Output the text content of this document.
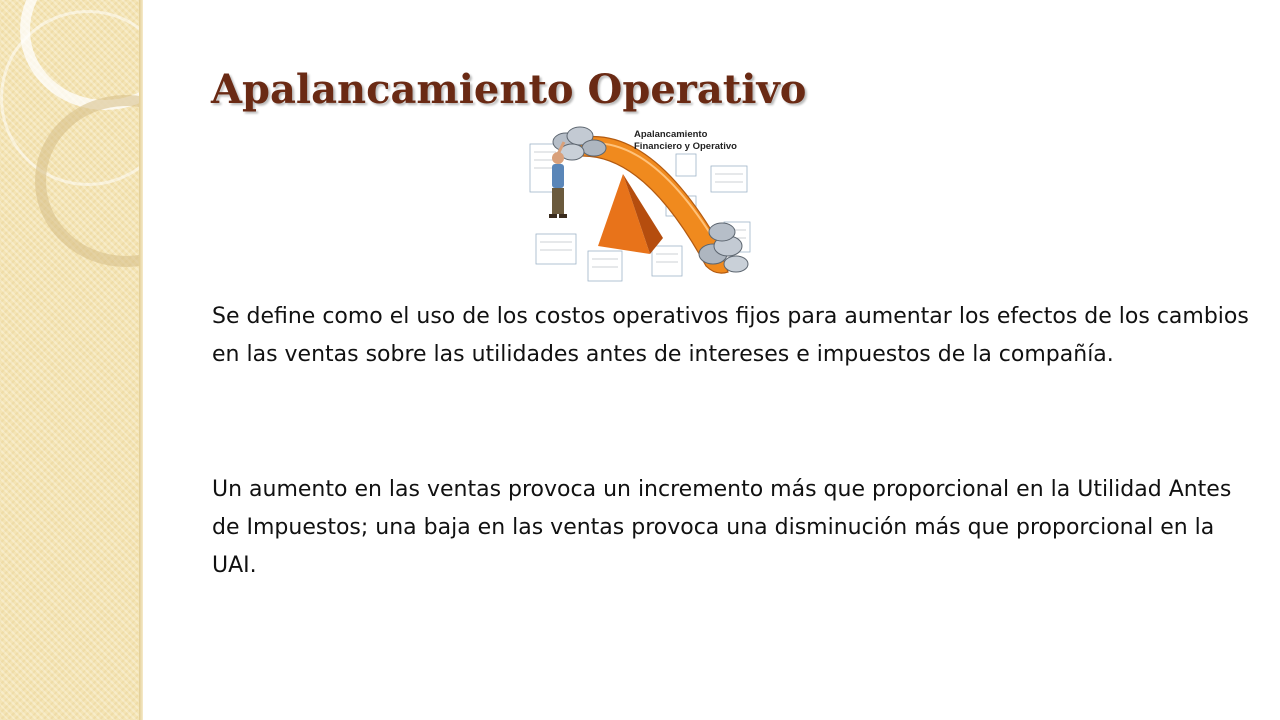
Apalancamiento Operativo
Apalancamiento
Financiero y Operativo

Se define como el uso de los costos operativos fijos para aumentar los efectos de los cambios en las ventas sobre las utilidades antes de intereses e impuestos de la compañía.

Un aumento en las ventas provoca un incremento más que proporcional en la Utilidad Antes de Impuestos; una baja en las ventas provoca una disminución más que proporcional en la UAI.
